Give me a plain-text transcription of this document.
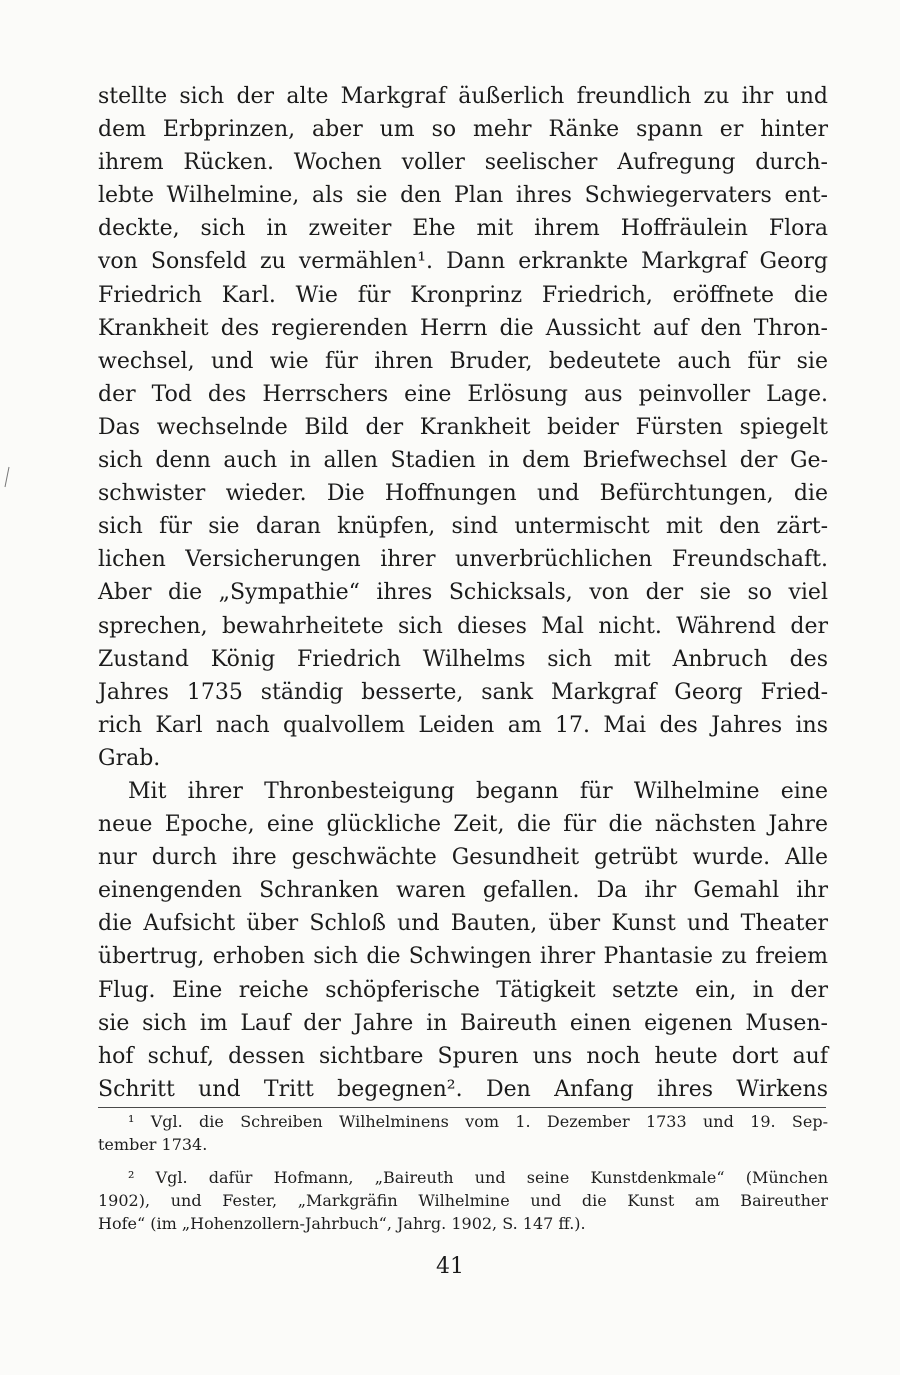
stellte sich der alte Markgraf äußerlich freundlich zu ihr und
dem Erbprinzen, aber um so mehr Ränke spann er hinter
ihrem Rücken. Wochen voller seelischer Aufregung durch-
lebte Wilhelmine, als sie den Plan ihres Schwiegervaters ent-
deckte, sich in zweiter Ehe mit ihrem Hoffräulein Flora
von Sonsfeld zu vermählen¹. Dann erkrankte Markgraf Georg
Friedrich Karl. Wie für Kronprinz Friedrich, eröffnete die
Krankheit des regierenden Herrn die Aussicht auf den Thron-
wechsel, und wie für ihren Bruder, bedeutete auch für sie
der Tod des Herrschers eine Erlösung aus peinvoller Lage.
Das wechselnde Bild der Krankheit beider Fürsten spiegelt
sich denn auch in allen Stadien in dem Briefwechsel der Ge-
schwister wieder. Die Hoffnungen und Befürchtungen, die
sich für sie daran knüpfen, sind untermischt mit den zärt-
lichen Versicherungen ihrer unverbrüchlichen Freundschaft.
Aber die „Sympathie“ ihres Schicksals, von der sie so viel
sprechen, bewahrheitete sich dieses Mal nicht. Während der
Zustand König Friedrich Wilhelms sich mit Anbruch des
Jahres 1735 ständig besserte, sank Markgraf Georg Fried-
rich Karl nach qualvollem Leiden am 17. Mai des Jahres ins
Grab.
Mit ihrer Thronbesteigung begann für Wilhelmine eine
neue Epoche, eine glückliche Zeit, die für die nächsten Jahre
nur durch ihre geschwächte Gesundheit getrübt wurde. Alle
einengenden Schranken waren gefallen. Da ihr Gemahl ihr
die Aufsicht über Schloß und Bauten, über Kunst und Theater
übertrug, erhoben sich die Schwingen ihrer Phantasie zu freiem
Flug. Eine reiche schöpferische Tätigkeit setzte ein, in der
sie sich im Lauf der Jahre in Baireuth einen eigenen Musen-
hof schuf, dessen sichtbare Spuren uns noch heute dort auf
Schritt und Tritt begegnen². Den Anfang ihres Wirkens
¹ Vgl. die Schreiben Wilhelminens vom 1. Dezember 1733 und 19. Sep-
tember 1734.
² Vgl. dafür Hofmann, „Baireuth und seine Kunstdenkmale“ (München
1902), und Fester, „Markgräfin Wilhelmine und die Kunst am Baireuther
Hofe“ (im „Hohenzollern-Jahrbuch“, Jahrg. 1902, S. 147 ff.).
41
